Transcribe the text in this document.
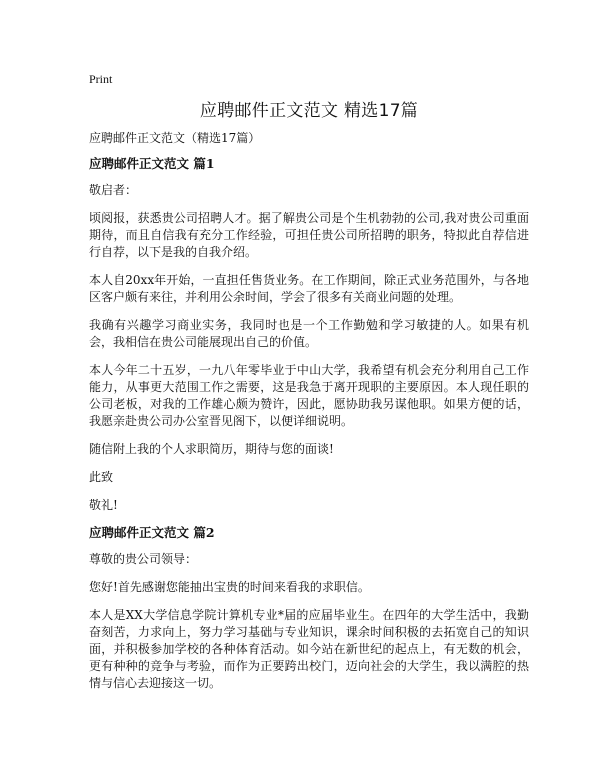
Print
应聘邮件正文范文 精选17篇
应聘邮件正文范文（精选17篇）
应聘邮件正文范文 篇1

敬启者：

顷阅报，获悉贵公司招聘人才。据了解贵公司是个生机勃勃的公司,我对贵公司重面期待，而且自信我有充分工作经验，可担任贵公司所招聘的职务，特拟此自荐信进行自荐，以下是我的自我介绍。

本人自20xx年开始，一直担任售货业务。在工作期间，除正式业务范围外，与各地区客户颇有来往，并利用公余时间，学会了很多有关商业问题的处理。

我确有兴趣学习商业实务，我同时也是一个工作勤勉和学习敏捷的人。如果有机会，我相信在贵公司能展现出自己的价值。

本人今年二十五岁，一九八年零毕业于中山大学，我希望有机会充分利用自己工作能力，从事更大范围工作之需要，这是我急于离开现职的主要原因。本人现任职的公司老板，对我的工作雄心颇为赞许，因此，愿协助我另谋他职。如果方便的话，我愿亲赴贵公司办公室晋见阁下，以便详细说明。

随信附上我的个人求职简历，期待与您的面谈!

此致

敬礼!

应聘邮件正文范文 篇2

尊敬的贵公司领导：

您好!首先感谢您能抽出宝贵的时间来看我的求职信。

本人是XX大学信息学院计算机专业*届的应届毕业生。在四年的大学生活中，我勤奋刻苦，力求向上，努力学习基础与专业知识，课余时间积极的去拓宽自己的知识面，并积极参加学校的各种体育活动。如今站在新世纪的起点上，有无数的机会，更有种种的竞争与考验，而作为正要跨出校门，迈向社会的大学生，我以满腔的热情与信心去迎接这一切。
